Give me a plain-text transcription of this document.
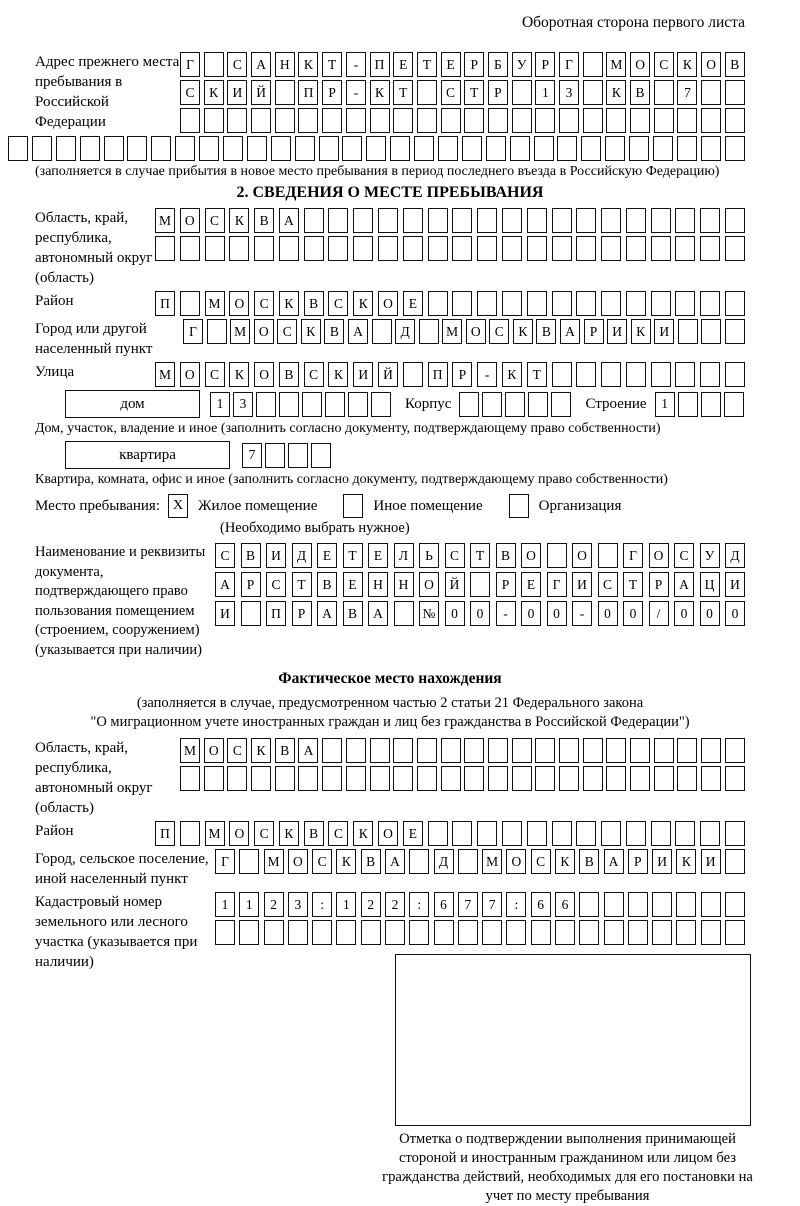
Оборотная сторона первого листа
Адрес прежнего места пребывания в Российской Федерации
Г	С	А	Н	К	Т	-	П	Е	Т	Е	Р	Б	У	Р	Г	М О	С	К	О	В
С	К	И	Й	П	Р	-	К	Т	С	Т	Р	1	3	К	В	7
(заполняется в случае прибытия в новое место пребывания в период последнего въезда в Российскую Федерацию)
2. СВЕДЕНИЯ О МЕСТЕ ПРЕБЫВАНИЯ
Область, край, республика, автономный округ (область)
М	О	С	К	В	А
Район	П	М	О	С	К	В	С	К	О	Е
Город или другой населенный пункт
Г	М О	С	К	В	А	Д	М О	С	К	В	А	Р	И	К	И
Улица	М	О	С	К	О	В	С	К	И	Й	П	Р	-	К	Т
дом	1	3	Корпус	Строение	1
Дом, участок, владение и иное (заполнить согласно документу, подтверждающему право собственности)
квартира	7
Квартира, комната, офис и иное (заполнить согласно документу, подтверждающему право собственности)
Место пребывания: X Жилое помещение	Иное помещение	Организация
(Необходимо выбрать нужное)
Наименование и реквизиты документа, подтверждающего право пользования помещением (строением, сооружением) (указывается при наличии)
С	В	И	Д	Е	Т	Е	Л	Ь	С	Т	В	О	О	Г	О	С	У	Д
А	Р	С	Т	В	Е	Н	Н	О	Й	Р	Е	Г	И	С	Т	Р	А	Ц	И
И	П	Р	А	В	А	№	0	0	-	0	0	-	0	0	/	0	0	0
Фактическое место нахождения
(заполняется в случае, предусмотренном частью 2 статьи 21 Федерального закона
"О миграционном учете иностранных граждан и лиц без гражданства в Российской Федерации")
Область, край, республика, автономный округ (область)
М О	С	К	В	А
Район	П	М	О	С	К	В	С	К	О	Е
Город, сельское поселение, иной населенный пункт
Г	М О	С	К	В	А	Д	М О	С	К	В	А	Р	И	К	И
Кадастровый номер земельного или лесного участка (указывается при наличии)
1	1	2	3	:	1	2	2	:	6	7	7	:	6	6
Отметка о подтверждении выполнения принимающей стороной и иностранным гражданином или лицом без гражданства действий, необходимых для его постановки на учет по месту пребывания
